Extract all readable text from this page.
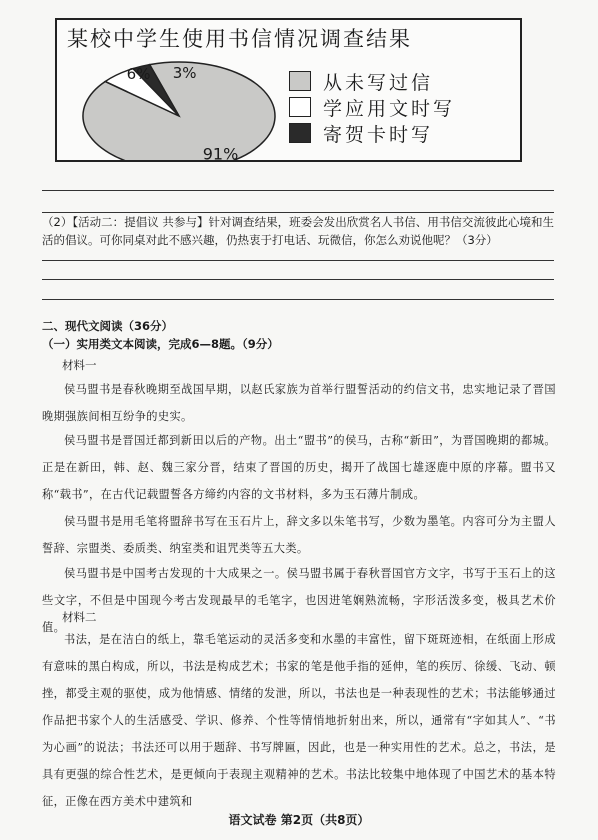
某校中学生使用书信情况调查结果
91%
6% 3%	从未写过信
学应用文时写
寄贺卡时写
（2）【活动二：提倡议 共参与】针对调查结果，班委会发出欣赏名人书信、用书信交流彼此心境和生活的倡议。可你同桌对此不感兴趣，仍热衷于打电话、玩微信，你怎么劝说他呢？（3分）
二、现代文阅读（36分）
（一）实用类文本阅读，完成6—8题。（9分）
材料一
侯马盟书是春秋晚期至战国早期，以赵氏家族为首举行盟誓活动的约信文书，忠实地记录了晋国晚期强族间相互纷争的史实。
侯马盟书是晋国迁都到新田以后的产物。出土“盟书”的侯马，古称“新田”，为晋国晚期的都城。正是在新田，韩、赵、魏三家分晋，结束了晋国的历史，揭开了战国七雄逐鹿中原的序幕。盟书又称“载书”，在古代记载盟誓各方缔约内容的文书材料，多为玉石薄片制成。
侯马盟书是用毛笔将盟辞书写在玉石片上，辞文多以朱笔书写，少数为墨笔。内容可分为主盟人誓辞、宗盟类、委质类、纳室类和诅咒类等五大类。
侯马盟书是中国考古发现的十大成果之一。侯马盟书属于春秋晋国官方文字，书写于玉石上的这些文字，不但是中国现今考古发现最早的毛笔字，也因进笔娴熟流畅，字形活泼多变，极具艺术价值。
材料二
书法，是在洁白的纸上，靠毛笔运动的灵活多变和水墨的丰富性，留下斑斑迹相，在纸面上形成有意味的黑白构成，所以，书法是构成艺术；书家的笔是他手指的延伸，笔的疾厉、徐缓、飞动、顿挫，都受主观的驱使，成为他情感、情绪的发泄，所以，书法也是一种表现性的艺术；书法能够通过作品把书家个人的生活感受、学识、修养、个性等情悄地折射出来，所以，通常有“字如其人”、“书为心画”的说法；书法还可以用于题辞、书写牌匾，因此，也是一种实用性的艺术。总之，书法，是具有更强的综合性艺术，是更倾向于表现主观精神的艺术。书法比较集中地体现了中国艺术的基本特征，正像在西方美术中建筑和
语文试卷 第2页（共8页）
